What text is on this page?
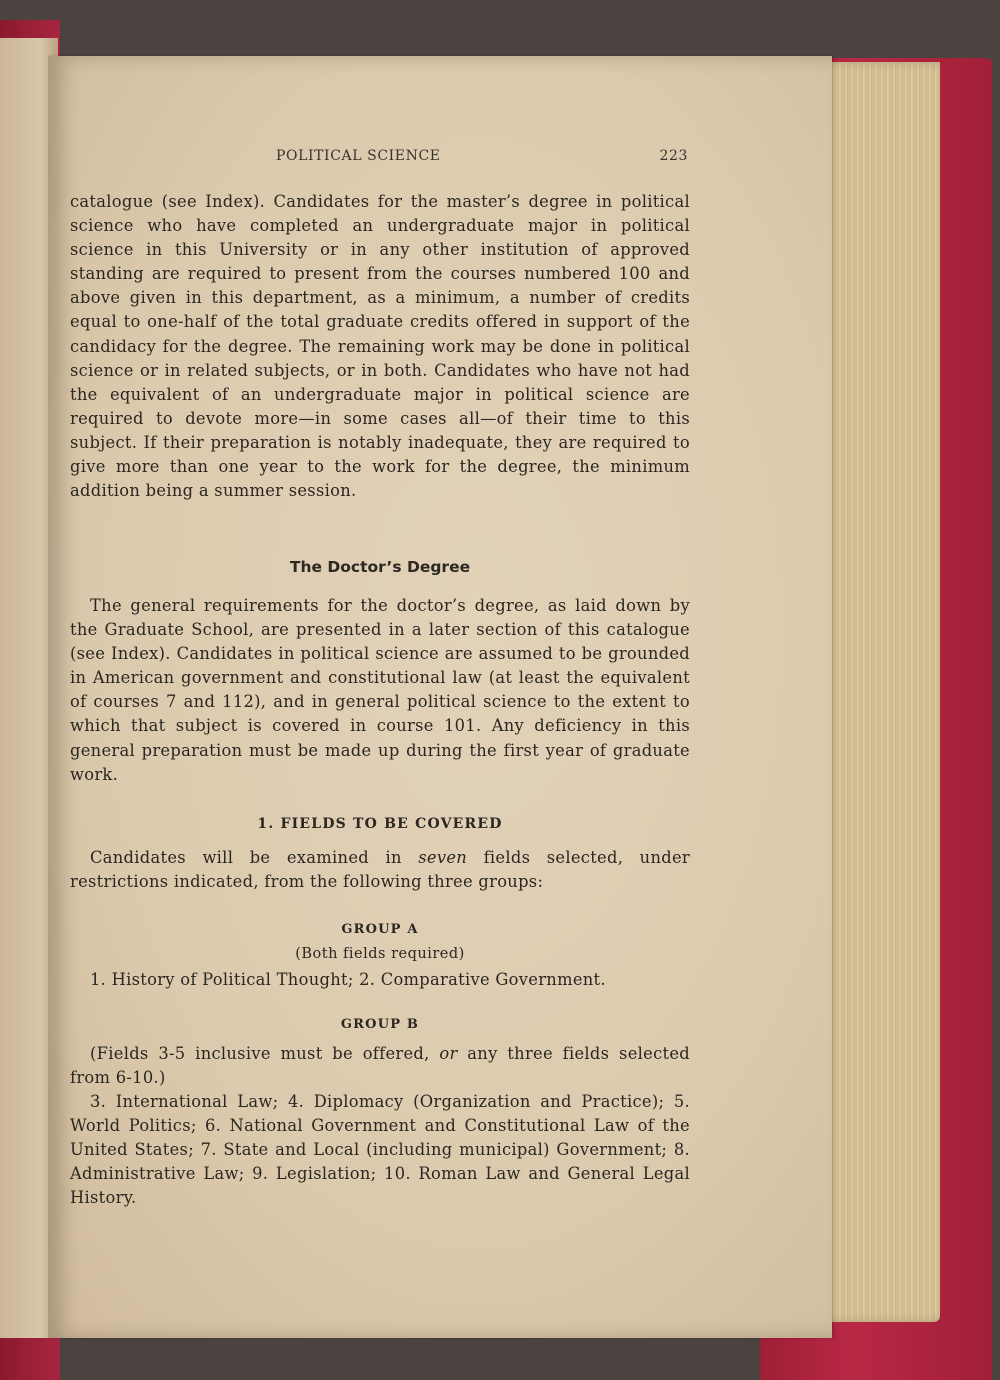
POLITICAL SCIENCE	223

catalogue (see Index). Candidates for the master’s degree in political science who have completed an undergraduate major in political science in this University or in any other institution of approved standing are required to present from the courses numbered 100 and above given in this department, as a minimum, a number of credits equal to one-half of the total graduate credits offered in support of the candidacy for the degree. The remaining work may be done in political science or in related subjects, or in both. Candidates who have not had the equivalent of an undergraduate major in political science are required to devote more—in some cases all—of their time to this subject. If their preparation is notably inadequate, they are required to give more than one year to the work for the degree, the minimum addition being a summer session.

The Doctor’s Degree

The general requirements for the doctor’s degree, as laid down by the Graduate School, are presented in a later section of this catalogue (see Index). Candidates in political science are assumed to be grounded in American government and constitutional law (at least the equivalent of courses 7 and 112), and in general political science to the extent to which that subject is covered in course 101. Any deficiency in this general preparation must be made up during the first year of graduate work.

1. FIELDS TO BE COVERED

Candidates will be examined in seven fields selected, under restrictions indicated, from the following three groups:

GROUP A
(Both fields required)
1. History of Political Thought; 2. Comparative Government.
GROUP B

(Fields 3-5 inclusive must be offered, or any three fields selected from 6-10.)

3. International Law; 4. Diplomacy (Organization and Practice); 5. World Politics; 6. National Government and Constitutional Law of the United States; 7. State and Local (including municipal) Government; 8. Administrative Law; 9. Legislation; 10. Roman Law and General Legal History.
